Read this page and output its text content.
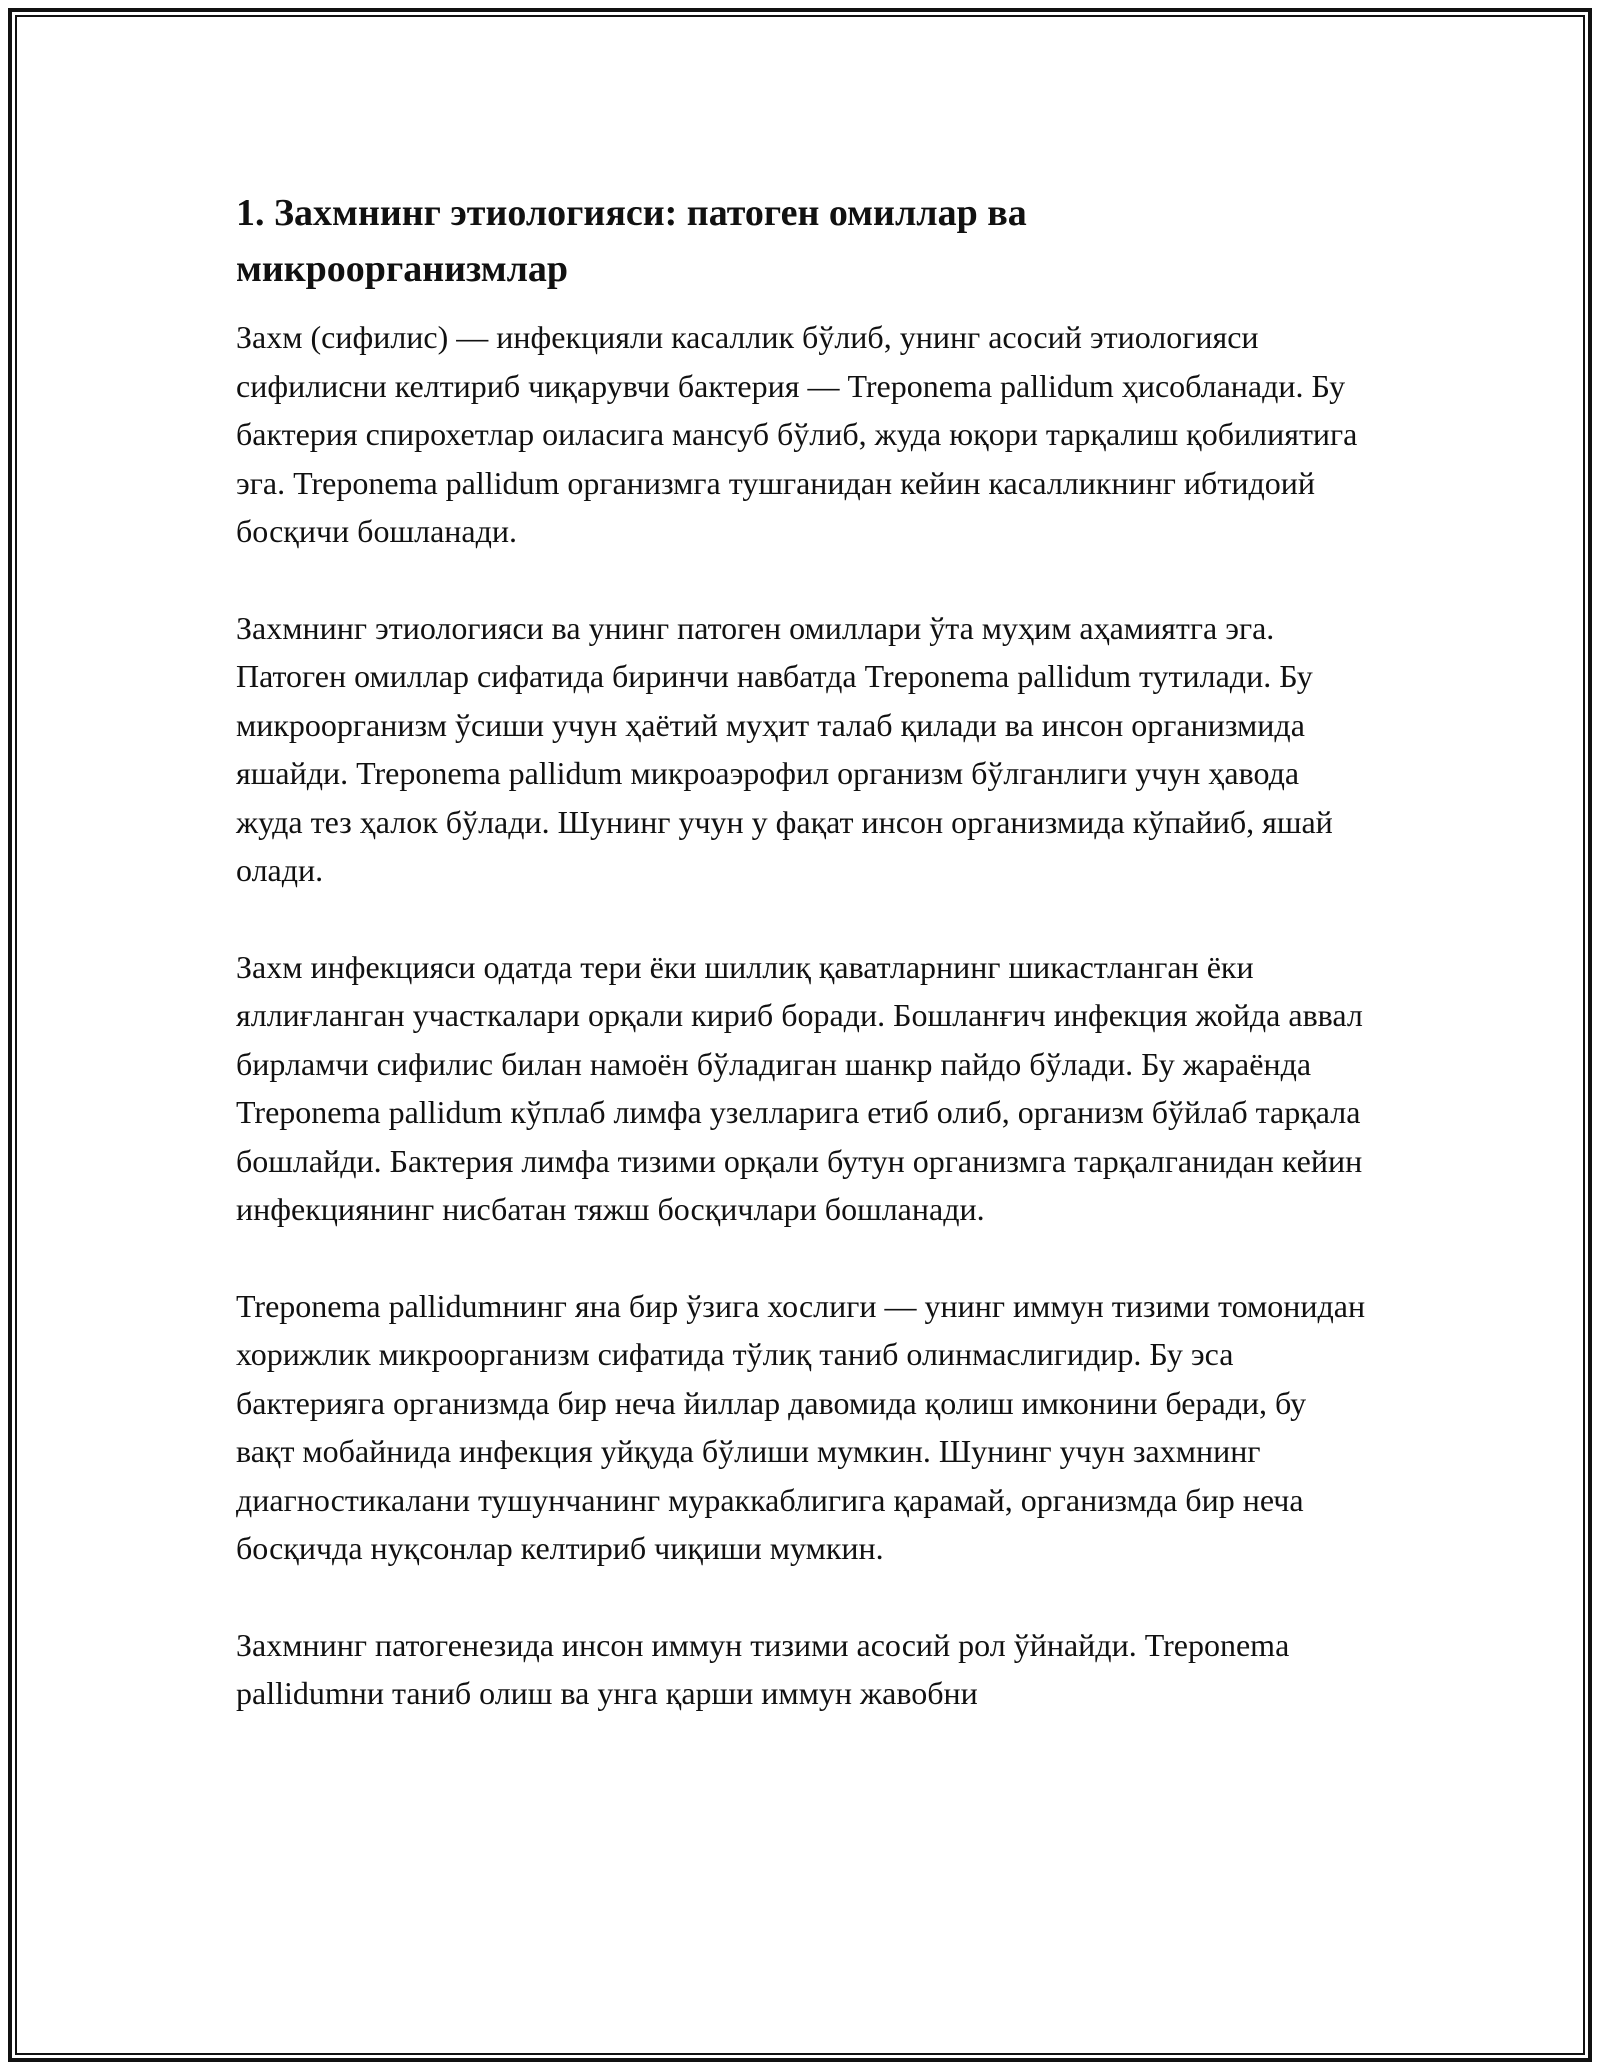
1. Захмнинг этиологияси: патоген омиллар ва микроорганизмлар

Захм (сифилис) — инфекцияли касаллик бўлиб, унинг асосий этиологияси сифилисни келтириб чиқарувчи бактерия — Treponema pallidum ҳисобланади. Бу бактерия спирохетлар оиласига мансуб бўлиб, жуда юқори тарқалиш қобилиятига эга. Treponema pallidum организмга тушганидан кейин касалликнинг ибтидоий босқичи бошланади.

Захмнинг этиологияси ва унинг патоген омиллари ўта муҳим аҳамиятга эга. Патоген омиллар сифатида биринчи навбатда Treponema pallidum тутилади. Бу микроорганизм ўсиши учун ҳаётий муҳит талаб қилади ва инсон организмида яшайди. Treponema pallidum микроаэрофил организм бўлганлиги учун ҳавода жуда тез ҳалок бўлади. Шунинг учун у фақат инсон организмида кўпайиб, яшай олади.

Захм инфекцияси одатда тери ёки шиллиқ қаватларнинг шикастланган ёки яллиғланган участкалари орқали кириб боради. Бошланғич инфекция жойда аввал бирламчи сифилис билан намоён бўладиган шанкр пайдо бўлади. Бу жараёнда Treponema pallidum кўплаб лимфа узелларига етиб олиб, организм бўйлаб тарқала бошлайди. Бактерия лимфа тизими орқали бутун организмга тарқалганидан кейин инфекциянинг нисбатан тяжш босқичлари бошланади.

Treponema pallidumнинг яна бир ўзига хослиги — унинг иммун тизими томонидан хорижлик микроорганизм сифатида тўлиқ таниб олинмаслигидир. Бу эса бактерияга организмда бир неча йиллар давомида қолиш имконини беради, бу вақт мобайнида инфекция уйқуда бўлиши мумкин. Шунинг учун захмнинг диагностикалани тушунчанинг мураккаблигига қарамай, организмда бир неча босқичда нуқсонлар келтириб чиқиши мумкин.

Захмнинг патогенезида инсон иммун тизими асосий рол ўйнайди. Treponema pallidumни таниб олиш ва унга қарши иммун жавобни
